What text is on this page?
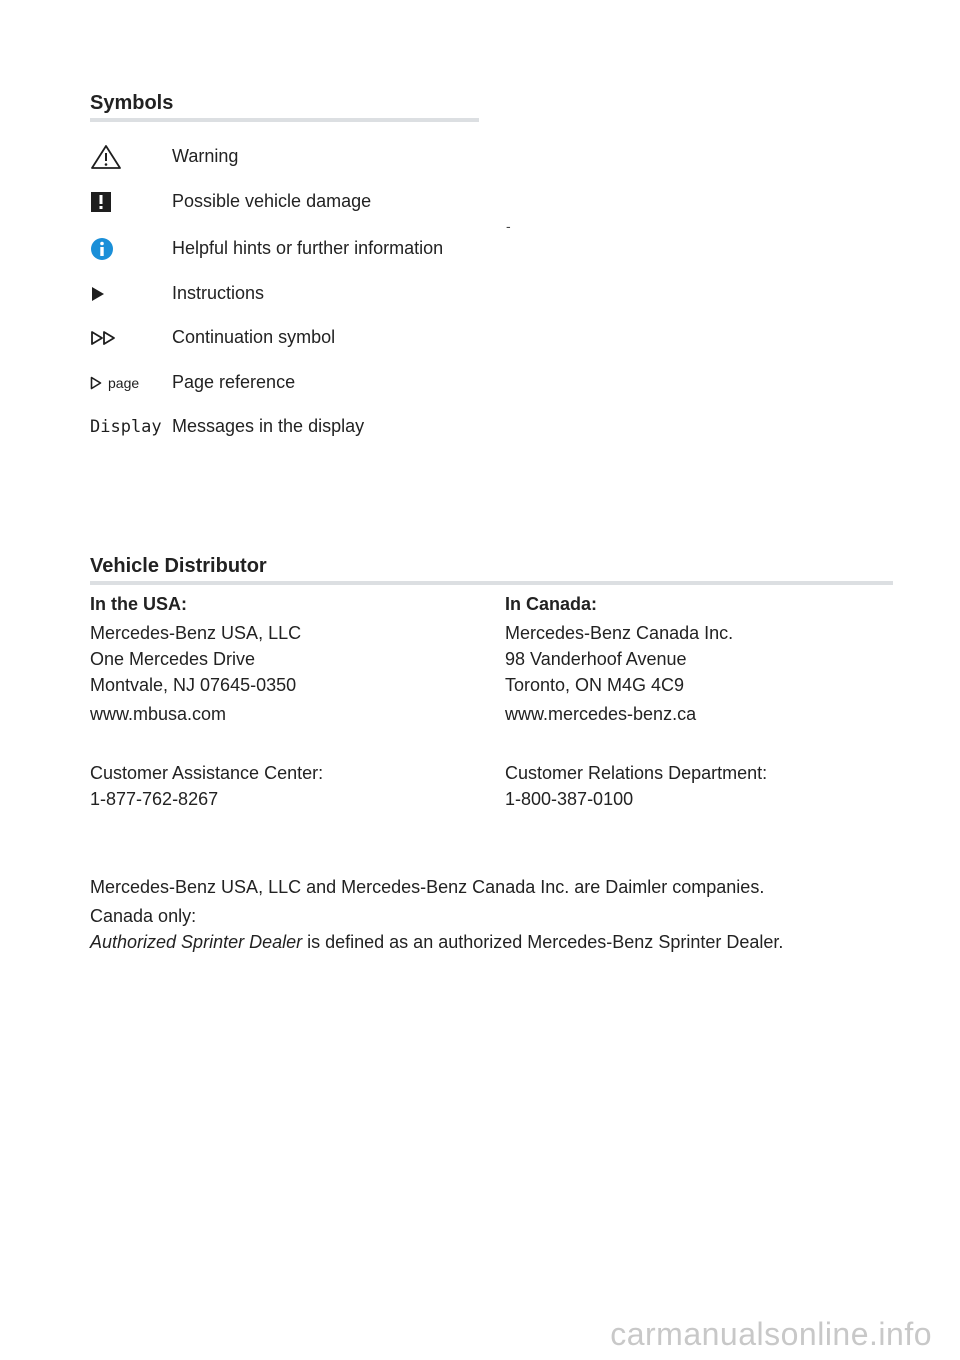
Symbols
Warning
Possible vehicle damage
Helpful hints or further information
Instructions
Continuation symbol
page Page reference
Display Messages in the display
-
Vehicle Distributor
In the USA:
Mercedes-Benz USA, LLC
One Mercedes Drive
Montvale, NJ 07645-0350
www.mbusa.com
Customer Assistance Center:
1-877-762-8267
In Canada:
Mercedes-Benz Canada Inc.
98 Vanderhoof Avenue
Toronto, ON M4G 4C9
www.mercedes-benz.ca
Customer Relations Department:
1-800-387-0100
Mercedes-Benz USA, LLC and Mercedes-Benz Canada Inc. are Daimler companies.
Canada only:
Authorized Sprinter Dealer is defined as an authorized Mercedes-Benz Sprinter Dealer.
carmanualsonline.info
